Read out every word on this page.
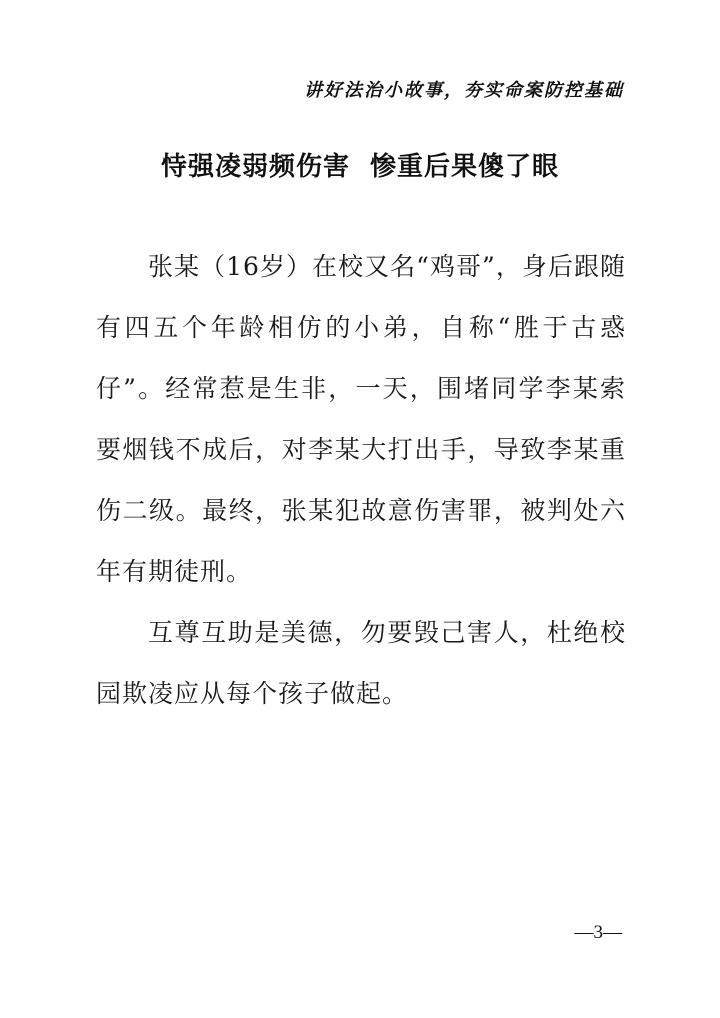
讲好法治小故事，夯实命案防控基础
恃强凌弱频伤害  惨重后果傻了眼

张某（16岁）在校又名“鸡哥”，身后跟随有四五个年龄相仿的小弟，自称“胜于古惑仔”。经常惹是生非，一天，围堵同学李某索要烟钱不成后，对李某大打出手，导致李某重伤二级。最终，张某犯故意伤害罪，被判处六年有期徒刑。

互尊互助是美德，勿要毁己害人，杜绝校园欺凌应从每个孩子做起。

—3—
